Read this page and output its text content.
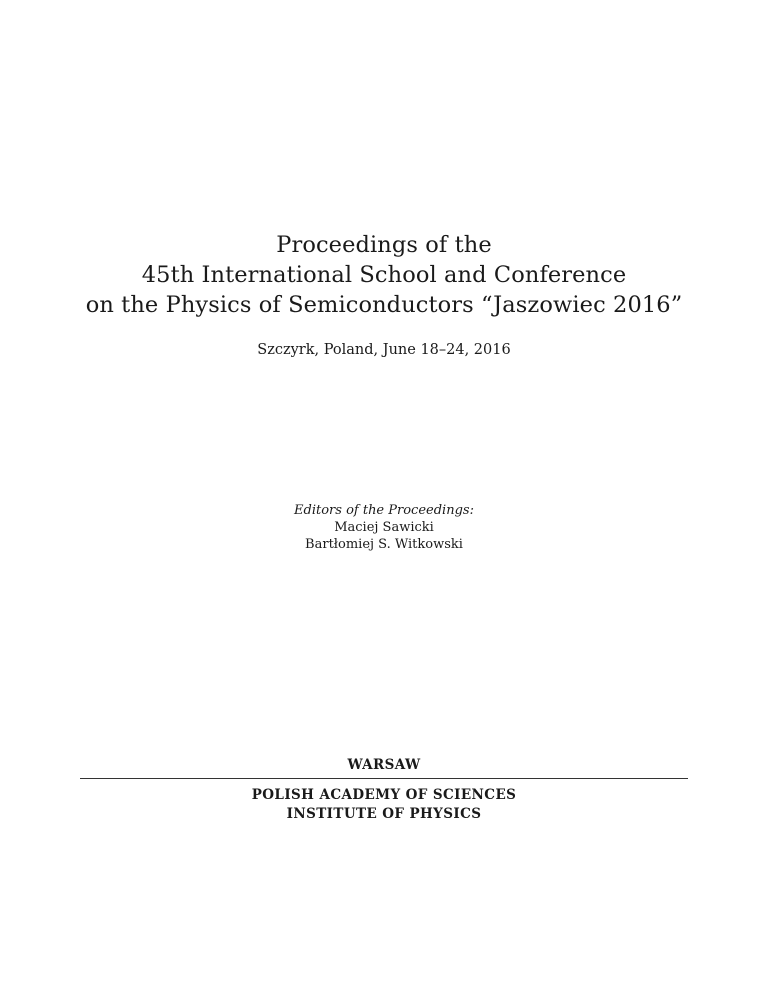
Proceedings of the
45th International School and Conference
on the Physics of Semiconductors “Jaszowiec 2016”
Szczyrk, Poland, June 18–24, 2016
Editors of the Proceedings:
Maciej Sawicki
Bartłomiej S. Witkowski
WARSAW
POLISH ACADEMY OF SCIENCES
INSTITUTE OF PHYSICS
